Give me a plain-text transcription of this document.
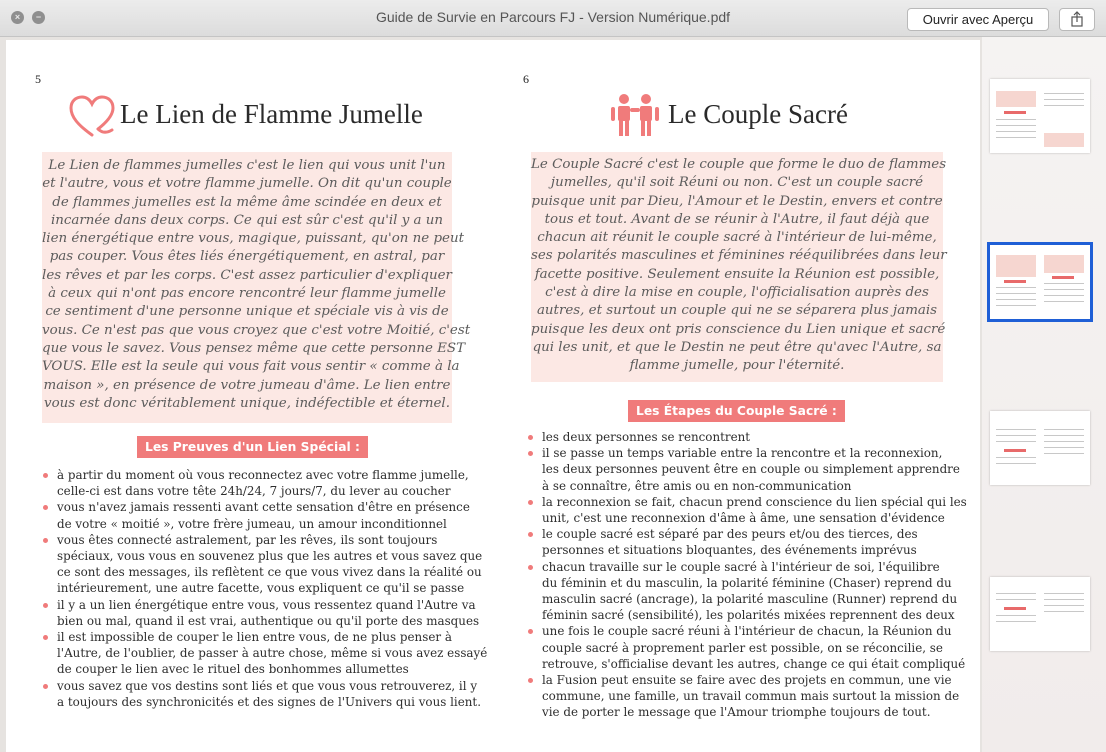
×	−	Guide de Survie en Parcours FJ - Version Numérique.pdf	Ouvrir avec Aperçu
5
Le Lien de Flamme Jumelle
Le Lien de flammes jumelles c'est le lien qui vous unit l'un
et l'autre, vous et votre flamme jumelle. On dit qu'un couple
de flammes jumelles est la même âme scindée en deux et
incarnée dans deux corps. Ce qui est sûr c'est qu'il y a un
lien énergétique entre vous, magique, puissant, qu'on ne peut
pas couper. Vous êtes liés énergétiquement, en astral, par
les rêves et par les corps. C'est assez particulier d'expliquer
à ceux qui n'ont pas encore rencontré leur flamme jumelle
ce sentiment d'une personne unique et spéciale vis à vis de
vous. Ce n'est pas que vous croyez que c'est votre Moitié, c'est
que vous le savez. Vous pensez même que cette personne EST
VOUS. Elle est la seule qui vous fait vous sentir « comme à la
maison », en présence de votre jumeau d'âme. Le lien entre
vous est donc véritablement unique, indéfectible et éternel.
Les Preuves d'un Lien Spécial :
à partir du moment où vous reconnectez avec votre flamme jumelle,
celle-ci est dans votre tête 24h/24, 7 jours/7, du lever au coucher
vous n'avez jamais ressenti avant cette sensation d'être en présence
de votre « moitié », votre frère jumeau, un amour inconditionnel
vous êtes connecté astralement, par les rêves, ils sont toujours
spéciaux, vous vous en souvenez plus que les autres et vous savez que
ce sont des messages, ils reflètent ce que vous vivez dans la réalité ou
intérieurement, une autre facette, vous expliquent ce qu'il se passe
il y a un lien énergétique entre vous, vous ressentez quand l'Autre va
bien ou mal, quand il est vrai, authentique ou qu'il porte des masques
il est impossible de couper le lien entre vous, de ne plus penser à
l'Autre, de l'oublier, de passer à autre chose, même si vous avez essayé
de couper le lien avec le rituel des bonhommes allumettes
vous savez que vos destins sont liés et que vous vous retrouverez, il y
a toujours des synchronicités et des signes de l'Univers qui vous lient.
6
Le Couple Sacré
Le Couple Sacré c'est le couple que forme le duo de flammes
jumelles, qu'il soit Réuni ou non. C'est un couple sacré
puisque unit par Dieu, l'Amour et le Destin, envers et contre
tous et tout. Avant de se réunir à l'Autre, il faut déjà que
chacun ait réunit le couple sacré à l'intérieur de lui-même,
ses polarités masculines et féminines rééquilibrées dans leur
facette positive. Seulement ensuite la Réunion est possible,
c'est à dire la mise en couple, l'officialisation auprès des
autres, et surtout un couple qui ne se séparera plus jamais
puisque les deux ont pris conscience du Lien unique et sacré
qui les unit, et que le Destin ne peut être qu'avec l'Autre, sa
flamme jumelle, pour l'éternité.
Les Étapes du Couple Sacré :
les deux personnes se rencontrent
il se passe un temps variable entre la rencontre et la reconnexion,
les deux personnes peuvent être en couple ou simplement apprendre
à se connaître, être amis ou en non-communication
la reconnexion se fait, chacun prend conscience du lien spécial qui les
unit, c'est une reconnexion d'âme à âme, une sensation d'évidence
le couple sacré est séparé par des peurs et/ou des tierces, des
personnes et situations bloquantes, des événements imprévus
chacun travaille sur le couple sacré à l'intérieur de soi, l'équilibre
du féminin et du masculin, la polarité féminine (Chaser) reprend du
masculin sacré (ancrage), la polarité masculine (Runner) reprend du
féminin sacré (sensibilité), les polarités mixées reprennent des deux
une fois le couple sacré réuni à l'intérieur de chacun, la Réunion du
couple sacré à proprement parler est possible, on se réconcilie, se
retrouve, s'officialise devant les autres, change ce qui était compliqué
la Fusion peut ensuite se faire avec des projets en commun, une vie
commune, une famille, un travail commun mais surtout la mission de
vie de porter le message que l'Amour triomphe toujours de tout.
